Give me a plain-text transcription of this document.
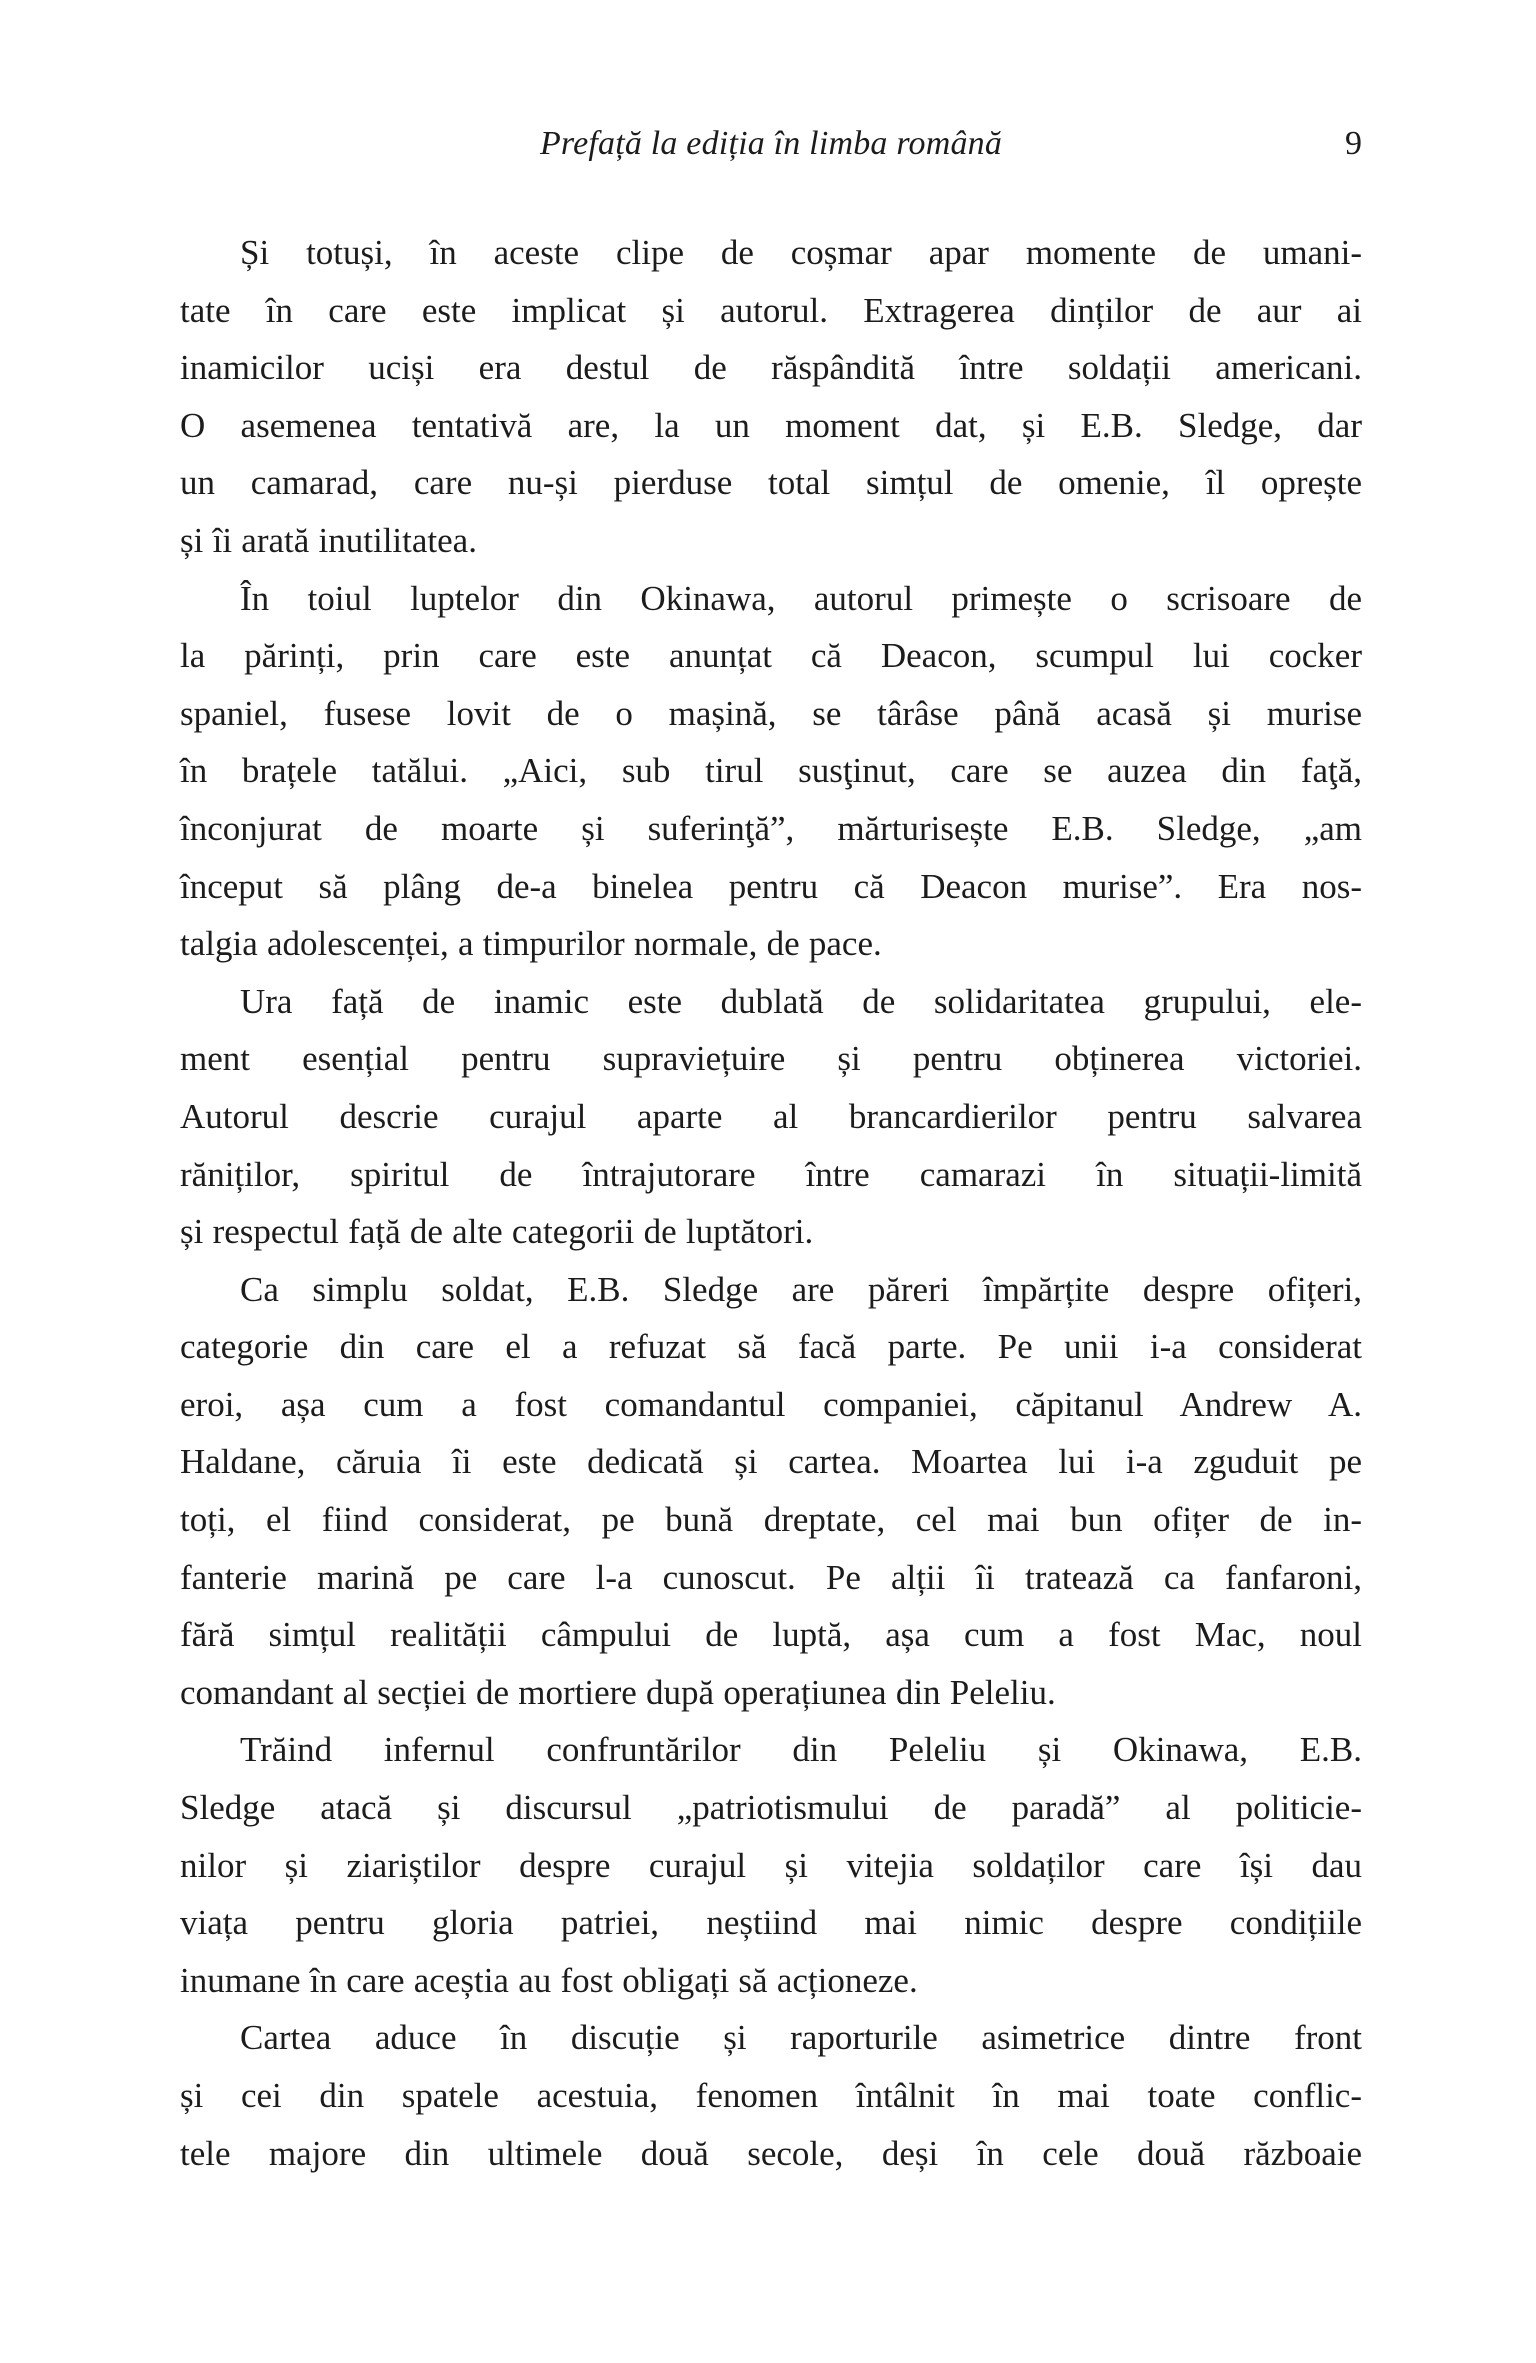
Prefață la ediția în limba română	9
Și totuși, în aceste clipe de coșmar apar momente de umani-
tate în care este implicat și autorul. Extragerea dinților de aur ai
inamicilor uciși era destul de răspândită între soldații americani.
O asemenea tentativă are, la un moment dat, și E.B. Sledge, dar
un camarad, care nu-și pierduse total simțul de omenie, îl oprește
și îi arată inutilitatea.
În toiul luptelor din Okinawa, autorul primește o scrisoare de
la părinți, prin care este anunțat că Deacon, scumpul lui cocker
spaniel, fusese lovit de o mașină, se târâse până acasă și murise
în brațele tatălui. „Aici, sub tirul susţinut, care se auzea din faţă,
înconjurat de moarte și suferinţă”, mărturisește E.B. Sledge, „am
început să plâng de-a binelea pentru că Deacon murise”. Era nos-
talgia adolescenței, a timpurilor normale, de pace.
Ura față de inamic este dublată de solidaritatea grupului, ele-
ment esențial pentru supraviețuire și pentru obținerea victoriei.
Autorul descrie curajul aparte al brancardierilor pentru salvarea
răniților, spiritul de întrajutorare între camarazi în situații-limită
și respectul față de alte categorii de luptători.
Ca simplu soldat, E.B. Sledge are păreri împărțite despre ofițeri,
categorie din care el a refuzat să facă parte. Pe unii i-a considerat
eroi, așa cum a fost comandantul companiei, căpitanul Andrew A.
Haldane, căruia îi este dedicată și cartea. Moartea lui i-a zguduit pe
toți, el fiind considerat, pe bună dreptate, cel mai bun ofițer de in-
fanterie marină pe care l-a cunoscut. Pe alții îi tratează ca fanfaroni,
fără simțul realității câmpului de luptă, așa cum a fost Mac, noul
comandant al secției de mortiere după operațiunea din Peleliu.
Trăind infernul confruntărilor din Peleliu și Okinawa, E.B.
Sledge atacă și discursul „patriotismului de paradă” al politicie-
nilor și ziariștilor despre curajul și vitejia soldaților care își dau
viața pentru gloria patriei, neștiind mai nimic despre condițiile
inumane în care aceștia au fost obligați să acționeze.
Cartea aduce în discuție și raporturile asimetrice dintre front
și cei din spatele acestuia, fenomen întâlnit în mai toate conflic-
tele majore din ultimele două secole, deși în cele două războaie
